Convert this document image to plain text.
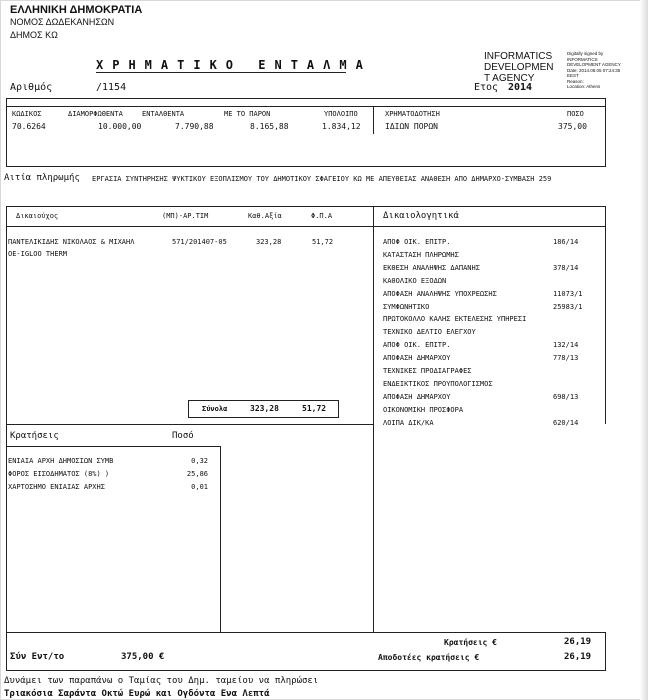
ΕΛΛΗΝΙΚΗ ΔΗΜΟΚΡΑΤΙΑ
ΝΟΜΟΣ ΔΩΔΕΚΑΝΗΣΩΝ
ΔΗΜΟΣ ΚΩ
ΧΡΗΜΑΤΙΚΟ ΕΝΤΑΛΜΑ
INFORMATICS
DEVELOPMEN
T AGENCY
Digitally signed by
INFORMATICS
DEVELOPMENT AGENCY
Date: 2014.08.05 07:24:35
EEST
Reason:
Location: Athens
Αριθμός	/1154	Ετος 2014
ΚΩΔΙΚΟΣ	ΔΙΑΜΟΡΦΩΘΕΝΤΑ	ΕΝΤΑΛΘΕΝΤΑ	ΜΕ ΤΟ ΠΑΡΟΝ	ΥΠΟΛΟΙΠΟ	ΧΡΗΜΑΤΟΔΟΤΗΣΗ	ΠΟΣΟ
70.6264	10.000,00	7.790,88	8.165,88	1.834,12	ΙΔΙΩΝ ΠΟΡΩΝ	375,00
Αιτία πληρωμής ΕΡΓΑΣΙΑ ΣΥΝΤΗΡΗΣΗΣ ΨΥΚΤΙΚΟΥ ΕΞΟΠΛΙΣΜΟΥ ΤΟΥ ΔΗΜΟΤΙΚΟΥ ΣΦΑΓΕΙΟΥ ΚΩ ΜΕ ΑΠΕΥΘΕΙΑΣ ΑΝΑΘΕΣΗ ΑΠΟ ΔΗΜΑΡΧΟ-ΣΥΜΒΑΣΗ 259
Δικαιούχος	(ΜΠ)-ΑΡ.ΤΙΜ	Καθ.Αξία	Φ.Π.Α	Δικαιολογητικά
ΠΑΝΤΕΛΙΚΙΔΗΣ ΝΙΚΟΛΑΟΣ & ΜΙΧΑΗΛ
ΟΕ-IGLOO THERM
571/201407-05	323,28	51,72	ΑΠΟΦ ΟΙΚ. ΕΠΙΤΡ.	186/14
ΚΑΤΑΣΤΑΣΗ ΠΛΗΡΩΜΗΣ
ΕΚΘΕΣΗ ΑΝΑΛΗΨΗΣ ΔΑΠΑΝΗΣ	378/14
ΚΑΘΟΛΙΚΟ ΕΞΟΔΩΝ
ΑΠΟΦΑΣΗ ΑΝΑΛΗΨΗΣ ΥΠΟΧΡΕΩΣΗΣ	11073/1
ΣΥΜΦΩΝΗΤΙΚΟ	25983/1
ΠΡΩΤΟΚΟΛΛΟ ΚΑΛΗΣ ΕΚΤΕΛΕΣΗΣ ΥΠΗΡΕΣΙ
ΤΕΧΝΙΚΟ ΔΕΛΤΙΟ ΕΛΕΓΧΟΥ
ΑΠΟΦ ΟΙΚ. ΕΠΙΤΡ.	132/14
ΑΠΟΦΑΣΗ ΔΗΜΑΡΧΟΥ	778/13
ΤΕΧΝΙΚΕΣ ΠΡΟΔΙΑΓΡΑΦΕΣ
ΕΝΔΕΙΚΤΙΚΟΣ ΠΡΟΥΠΟΛΟΓΙΣΜΟΣ
ΑΠΟΦΑΣΗ ΔΗΜΑΡΧΟΥ	698/13
ΟΙΚΟΝΟΜΙΚΗ ΠΡΟΣΦΟΡΑ
ΛΟΙΠΑ ΔΙΚ/ΚΑ	620/14
Σύνολα	323,28	51,72
Κρατήσεις	Ποσό
ΕΝΙΑΙΑ ΑΡΧΗ ΔΗΜΟΣΙΩΝ ΣΥΜΒ	0,32
ΦΟΡΟΣ ΕΙΣΟΔΗΜΑΤΟΣ (8%) )	25,86
ΧΑΡΤΟΣΗΜΟ ΕΝΙΑΙΑΣ ΑΡΧΗΣ	0,01
Κρατήσεις €	26,19
Σύν Εντ/το	375,00 €	Αποδοτέες κρατήσεις €	26,19
Δυνάμει των παραπάνω ο Ταμίας του Δημ. ταμείου να πληρώσει
Τριακόσια Σαράντα Οκτώ Ευρώ και Ογδόντα Ενα Λεπτά
